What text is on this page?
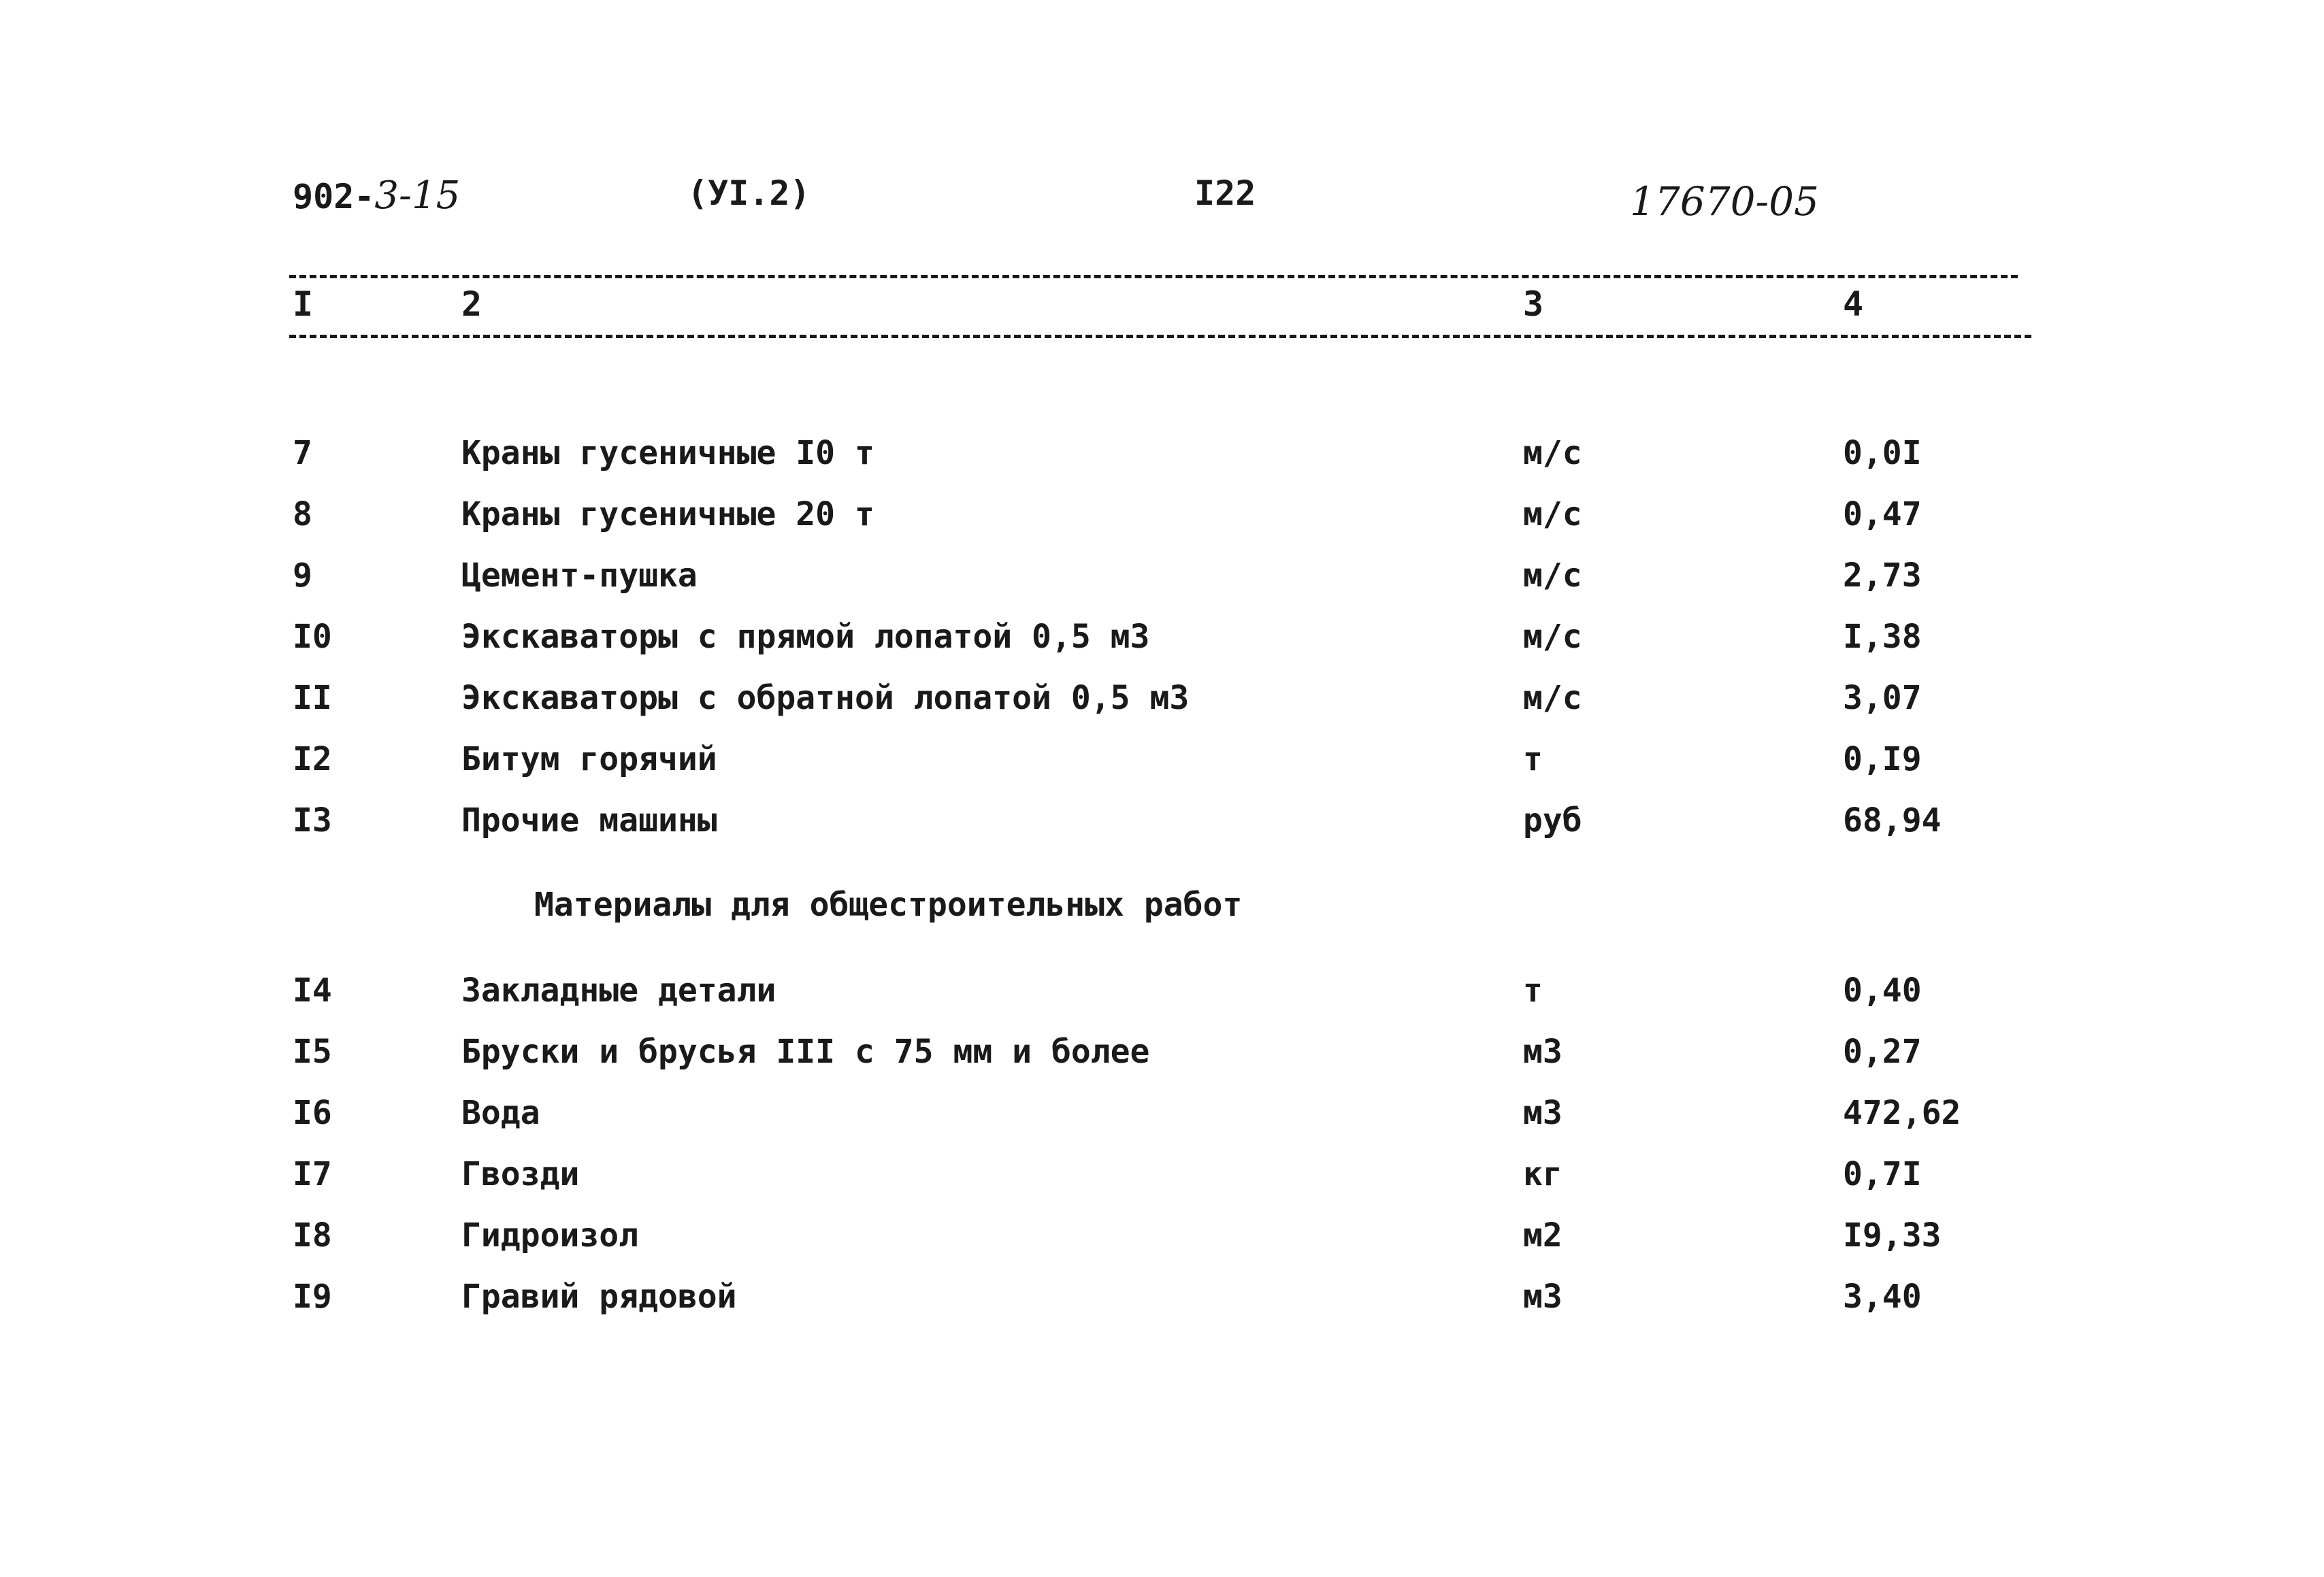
902-3-15	(УI.2)	I22	17670-05
I	2	3	4
7	Краны гусеничные I0 т	м/с	0,0I
8	Краны гусеничные 20 т	м/с	0,47
9	Цемент-пушка	м/с	2,73
I0	Экскаваторы с прямой лопатой 0,5 м3	м/с	I,38
II	Экскаваторы с обратной лопатой 0,5 м3	м/с	3,07
I2	Битум горячий	т	0,I9
I3	Прочие машины	руб	68,94
Материалы для общестроительных работ
I4	Закладные детали	т	0,40
I5	Бруски и брусья III с 75 мм и более	м3	0,27
I6	Вода	м3	472,62
I7	Гвозди	кг	0,7I
I8	Гидроизол	м2	I9,33
I9	Гравий рядовой	м3	3,40
